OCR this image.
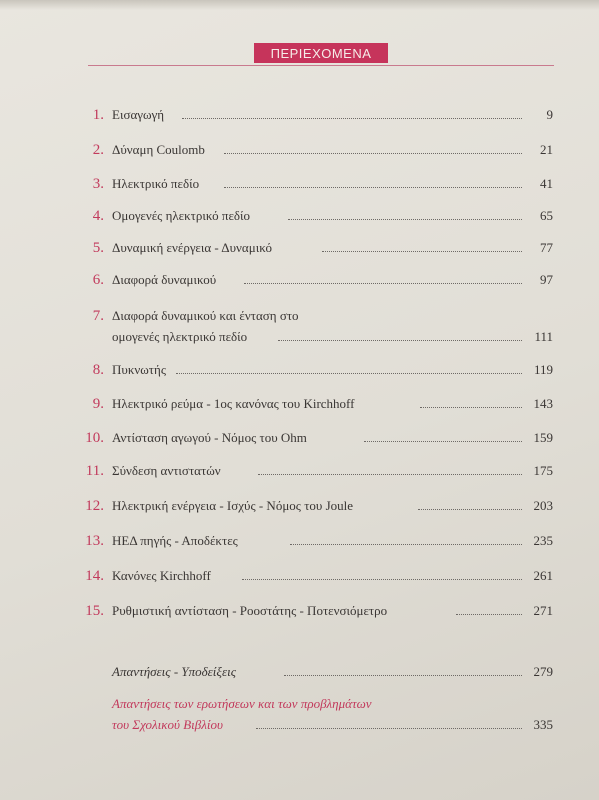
ΠΕΡΙΕΧΟΜΕΝΑ
1. Εισαγωγή	9
2. Δύναμη Coulomb	21
3. Ηλεκτρικό πεδίο	41
4. Ομογενές ηλεκτρικό πεδίο	65
5. Δυναμική ενέργεια - Δυναμικό	77
6. Διαφορά δυναμικού	97
7. Διαφορά δυναμικού και ένταση στο
ομογενές ηλεκτρικό πεδίο	111
8. Πυκνωτής	119
9. Ηλεκτρικό ρεύμα - 1ος κανόνας του Kirchhoff	143
10. Αντίσταση αγωγού - Νόμος του Ohm	159
11. Σύνδεση αντιστατών	175
12. Ηλεκτρική ενέργεια - Ισχύς - Νόμος του Joule	203
13. ΗΕΔ πηγής - Αποδέκτες	235
14. Κανόνες Kirchhoff	261
15. Ρυθμιστική αντίσταση - Ροοστάτης - Ποτενσιόμετρο	271
Απαντήσεις - Υποδείξεις	279
Απαντήσεις των ερωτήσεων και των προβλημάτων
του Σχολικού Βιβλίου	335
